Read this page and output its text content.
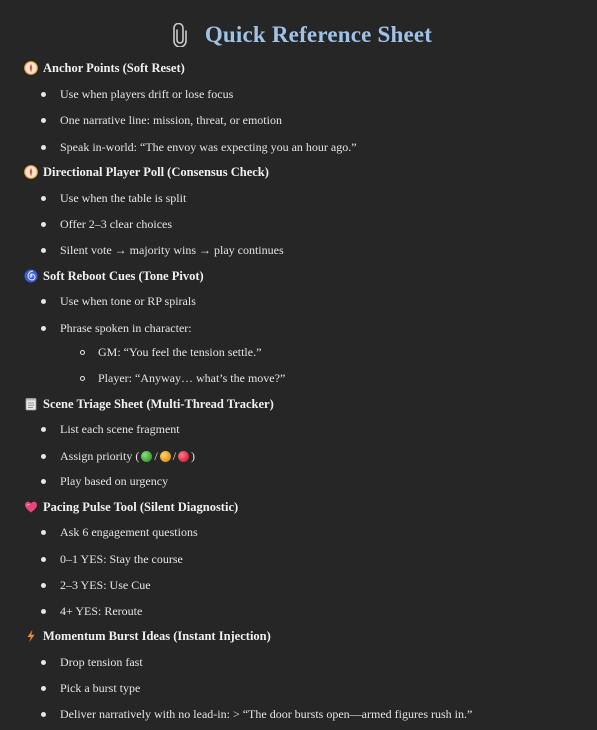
Quick Reference Sheet
Anchor Points (Soft Reset)
Use when players drift or lose focus
One narrative line: mission, threat, or emotion
Speak in-world: “The envoy was expecting you an hour ago.”
Directional Player Poll (Consensus Check)
Use when the table is split
Offer 2–3 clear choices
Silent vote → majority wins → play continues
Soft Reboot Cues (Tone Pivot)
Use when tone or RP spirals
Phrase spoken in character:
GM: “You feel the tension settle.”
Player: “Anyway… what’s the move?”
Scene Triage Sheet (Multi-Thread Tracker)
List each scene fragment
Assign priority ( / / )
Play based on urgency
Pacing Pulse Tool (Silent Diagnostic)
Ask 6 engagement questions
0–1 YES: Stay the course
2–3 YES: Use Cue
4+ YES: Reroute
Momentum Burst Ideas (Instant Injection)
Drop tension fast
Pick a burst type
Deliver narratively with no lead-in: > “The door bursts open—armed figures rush in.”
